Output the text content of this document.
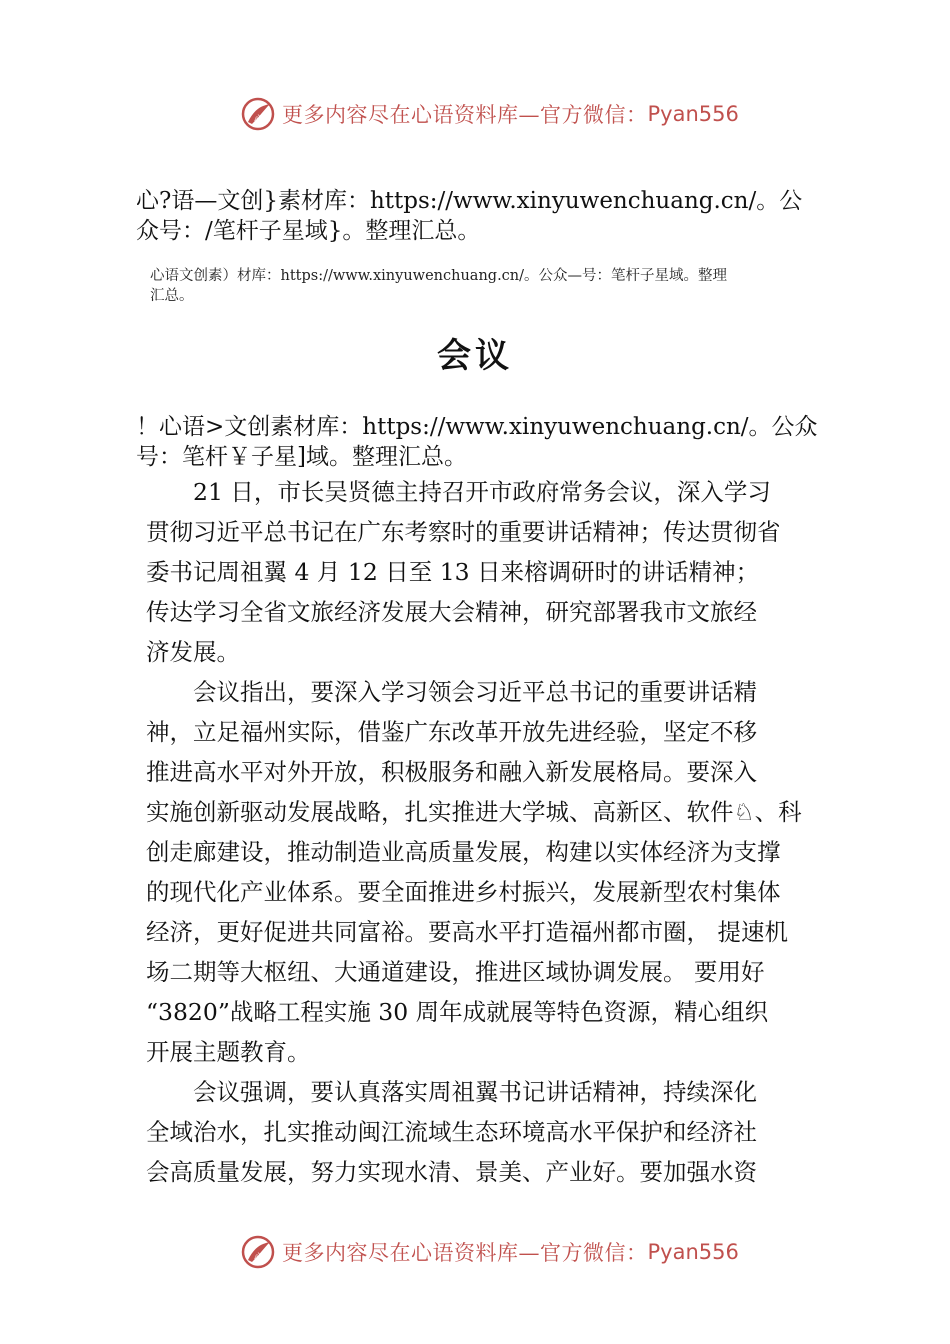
心 更多内容尽在心语资料库—官方微信： Pyan556
心?语—文创}素材库：https://www.xinyuwenchuang.cn/。公
众号：/笔杆子星域}。整理汇总。
心语文创素）材库：https://www.xinyuwenchuang.cn/。公众—号：笔杆子星域。整理
汇总。
会议
！心语>文创素材库：https://www.xinyuwenchuang.cn/。公众
号：笔杆￥子星]域。整理汇总。
21 日，市长吴贤德主持召开市政府常务会议，深入学习
贯彻习近平总书记在广东考察时的重要讲话精神；传达贯彻省
委书记周祖翼 4 月 12 日至 13 日来榕调研时的讲话精神；
传达学习全省文旅经济发展大会精神，研究部署我市文旅经
济发展。
会议指出，要深入学习领会习近平总书记的重要讲话精
神，立足福州实际，借鉴广东改革开放先进经验，坚定不移
推进高水平对外开放，积极服务和融入新发展格局。要深入
实施创新驱动发展战略，扎实推进大学城、高新区、软件♘、科
创走廊建设，推动制造业高质量发展，构建以实体经济为支撑
的现代化产业体系。要全面推进乡村振兴，发展新型农村集体
经济，更好促进共同富裕。要高水平打造福州都市圈， 提速机
场二期等大枢纽、大通道建设，推进区域协调发展。 要用好
“3820”战略工程实施 30 周年成就展等特色资源，精心组织
开展主题教育。
会议强调，要认真落实周祖翼书记讲话精神，持续深化
全域治水，扎实推动闽江流域生态环境高水平保护和经济社
会高质量发展，努力实现水清、景美、产业好。要加强水资
心 更多内容尽在心语资料库—官方微信： Pyan556
